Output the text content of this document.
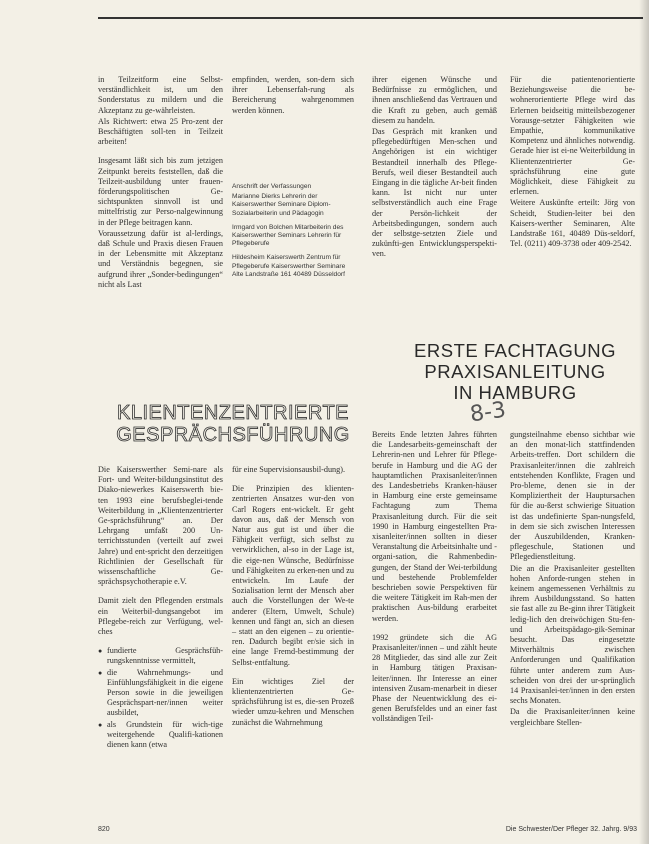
in Teilzeitform eine Selbst-verständlichkeit ist, um den Sonderstatus zu mildern und die Akzeptanz zu ge-währleisten.

Als Richtwert: etwa 25 Pro-zent der Beschäftigten soll-ten in Teilzeit arbeiten!

Insgesamt läßt sich bis zum jetzigen Zeitpunkt bereits feststellen, daß die Teilzeit-ausbildung unter frauen-förderungspolitischen Ge-sichtspunkten sinnvoll ist und mittelfristig zur Perso-nalgewinnung in der Pflege beitragen kann.

Voraussetzung dafür ist al-lerdings, daß Schule und Praxis diesen Frauen in der Lebensmitte mit Akzeptanz und Verständnis begegnen, sie aufgrund ihrer „Sonder-bedingungen“ nicht als Last

empfinden, werden, son-dern sich ihrer Lebenserfah-rung als Bereicherung wahrgenommen werden können.

Anschrift der Verfassungen

Marianne Dierks Lehrerin der Kaiserswerther Seminare Diplom-Sozialarbeiterin und Pädagogin

Irmgard von Bolchen Mitarbeiterin des Kaiserswerther Seminars Lehrerin für Pflegeberufe

Hildesheim Kaiserswerth Zentrum für Pflegeberufe Kaiserswerther Seminare Alte Landstraße 161 40489 Düsseldorf

ihrer eigenen Wünsche und Bedürfnisse zu ermöglichen, und ihnen anschließend das Vertrauen und die Kraft zu geben, auch gemäß diesem zu handeln.

Das Gespräch mit kranken und pflegebedürftigen Men-schen und Angehörigen ist ein wichtiger Bestandteil innerhalb des Pflege-Berufs, weil dieser Bestandteil auch Eingang in die tägliche Ar-beit finden kann. Ist nicht nur unter selbstverständlich auch eine Frage der Persön-lichkeit der Arbeitsbedingungen, sondern auch der selbstge-setzten Ziele und zukünfti-gen Entwicklungsperspekti-ven.

Für die patientenorientierte Beziehungsweise die be-wohnerorientierte Pflege wird das Erlernen beidseitig mitteilsbezogener Vorausge-setzter Fähigkeiten wie Empathie, kommunikative Kompetenz und ähnliches notwendig. Gerade hier ist ei-ne Weiterbildung in Klientenzentrierter Ge-sprächsführung eine gute Möglichkeit, diese Fähigkeit zu erlernen.

Weitere Auskünfte erteilt: Jörg von Scheidt, Studien-leiter bei den Kaisers-werther Seminaren, Alte Landstraße 161, 40489 Düs-seldorf, Tel. (0211) 409-3738 oder 409-2542.

ERSTE FACHTAGUNG
PRAXISANLEITUNG
IN HAMBURG
8-3
KLIENTENZENTRIERTE
GESPRÄCHSFÜHRUNG

Die Kaiserswerther Semi-nare als Fort- und Weiter-bildungsinstitut des Diako-niewerkes Kaiserswerth bie-ten 1993 eine berufsbeglei-tende Weiterbildung in „Klientenzentrierter Ge-sprächsführung“ an. Der Lehrgang umfaßt 200 Un-terrichtsstunden (verteilt auf zwei Jahre) und ent-spricht den derzeitigen Richtlinien der Gesellschaft für wissenschaftliche Ge-sprächspsychotherapie e.V.

Damit zielt den Pflegenden erstmals ein Weiterbil-dungsangebot im Pflegebe-reich zur Verfügung, wel-ches

● fundierte Gesprächsfüh-rungskenntnisse vermittelt,
● die Wahrnehmungs- und Einfühlungsfähigkeit in die eigene Person sowie in die jeweiligen Gesprächspart-ner/innen weiter ausbildet,
● als Grundstein für wich-tige weitergehende Qualifi-kationen dienen kann (etwa

für eine Supervisionsausbil-dung).

Die Prinzipien des klienten-zentrierten Ansatzes wur-den von Carl Rogers ent-wickelt. Er geht davon aus, daß der Mensch von Natur aus gut ist und über die Fähigkeit verfügt, sich selbst zu verwirklichen, al-so in der Lage ist, die eige-nen Wünsche, Bedürfnisse und Fähigkeiten zu erken-nen und zu entwickeln. Im Laufe der Sozialisation lernt der Mensch aber auch die Vorstellungen der We-te anderer (Eltern, Umwelt, Schule) kennen und fängt an, sich an diesen – statt an den eigenen – zu orientie-ren. Dadurch begibt er/sie sich in eine lange Fremd-bestimmung der Selbst-entfaltung.

Ein wichtiges Ziel der klientenzentrierten Ge-sprächsführung ist es, die-sen Prozeß wieder umzu-kehren und Menschen zunächst die Wahrnehmung

Bereits Ende letzten Jahres führten die Landesarbeits-gemeinschaft der Lehrerin-nen und Lehrer für Pflege-berufe in Hamburg und die AG der hauptamtlichen Praxisanleiter/innen des Landesbetriebs Kranken-häuser in Hamburg eine erste gemeinsame Fachtagung zum Thema Praxisanleitung durch. Für die seit 1990 in Hamburg eingestellten Pra-xisanleiter/innen sollten in dieser Veranstaltung die Arbeitsinhalte und -organi-sation, die Rahmenbedin-gungen, der Stand der Wei-terbildung und bestehende Problemfelder beschrieben sowie Perspektiven für die weitere Tätigkeit im Rah-men der praktischen Aus-bildung erarbeitet werden.

1992 gründete sich die AG Praxisanleiter/innen – und zählt heute 28 Mitglieder, das sind alle zur Zeit in Hamburg tätigen Praxisan-leiter/innen. Ihr Interesse an einer intensiven Zusam-menarbeit in dieser Phase der Neuentwicklung des ei-genen Berufsfeldes und an einer fast vollständigen Teil-

gungsteilnahme ebenso sichtbar wie an den monat-lich stattfindenden Arbeits-treffen. Dort schildern die Praxisanleiter/innen die zahlreich entstehenden Konflikte, Fragen und Pro-bleme, denen sie in der Kompliziertheit der Hauptursachen für die au-ßerst schwierige Situation ist das undefinierte Span-nungsfeld, in dem sie sich zwischen Interessen der Auszubildenden, Kranken-pflegeschule, Stationen und Pflegedienstleitung.

Die an die Praxisanleiter gestellten hohen Anforde-rungen stehen in keinem angemessenen Verhältnis zu ihrem Ausbildungsstand. So hatten sie fast alle zu Be-ginn ihrer Tätigkeit ledig-lich den dreiwöchigen Stu-fen- und Arbeitspädago-gik-Seminar besucht. Das eingesetzte Mitverhältnis zwischen Anforderungen und Qualifikation führte unter anderem zum Aus-scheiden von drei der ur-sprünglich 14 Praxisanlei-ter/innen in den ersten sechs Monaten.

Da die Praxisanleiter/innen keine vergleichbare Stellen-

820	Die Schwester/Der Pfleger 32. Jahrg. 9/93
